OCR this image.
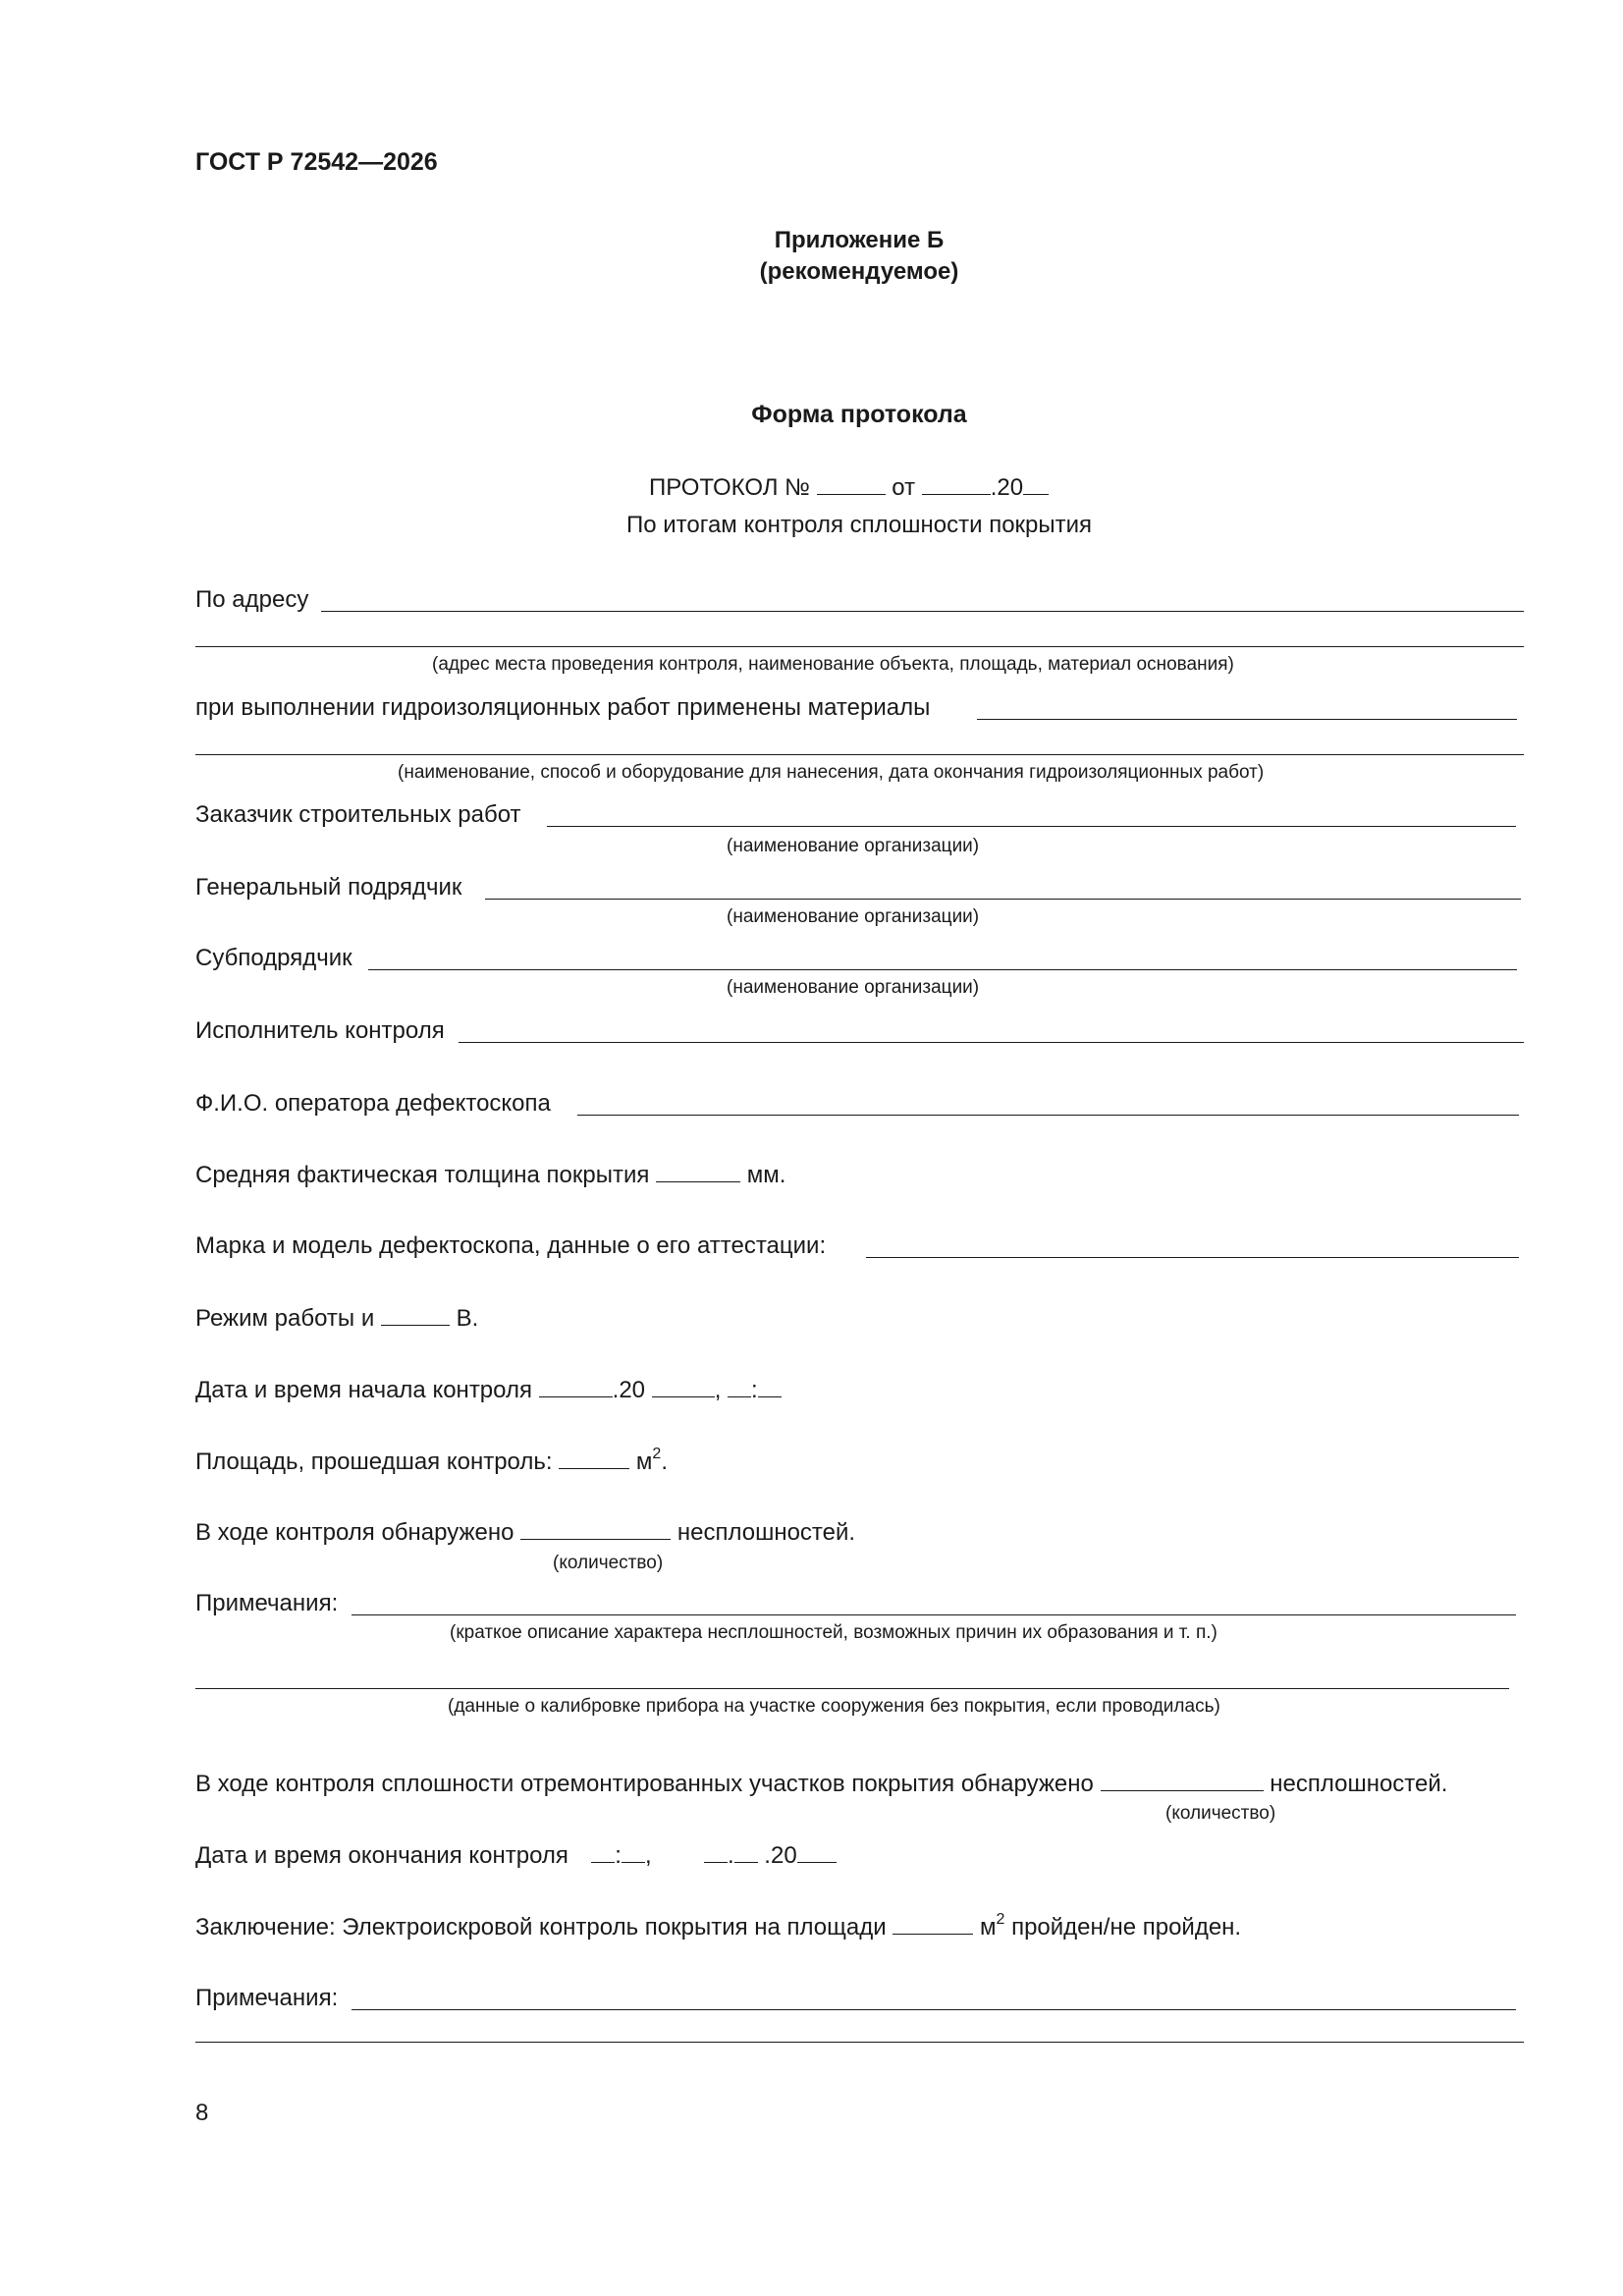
ГОСТ Р 72542—2026
Приложение Б
(рекомендуемое)
Форма протокола
ПРОТОКОЛ №	от	.20
По итогам контроля сплошности покрытия
По адресу
(адрес места проведения контроля, наименование объекта, площадь, материал основания)
при выполнении гидроизоляционных работ применены материалы
(наименование, способ и оборудование для нанесения, дата окончания гидроизоляционных работ)
Заказчик строительных работ
(наименование организации)
Генеральный подрядчик
(наименование организации)
Субподрядчик
(наименование организации)
Исполнитель контроля
Ф.И.О. оператора дефектоскопа
Средняя фактическая толщина покрытия	мм.
Марка и модель дефектоскопа, данные о его аттестации:
Режим работы и	В.
Дата и время начала контроля	.20	, :
Площадь, прошедшая контроль:	$м^2$.
В ходе контроля обнаружено	несплошностей.
(количество)
Примечания:
(краткое описание характера несплошностей, возможных причин их образования и т. п.)
(данные о калибровке прибора на участке сооружения без покрытия, если проводилась)
В ходе контроля сплошности отремонтированных участков покрытия обнаружено	несплошностей.
(количество)
Дата и время окончания контроля : ,	. .20
Заключение: Электроискровой контроль покрытия на площади	$м^2$ пройден/не пройден.
Примечания:
8
